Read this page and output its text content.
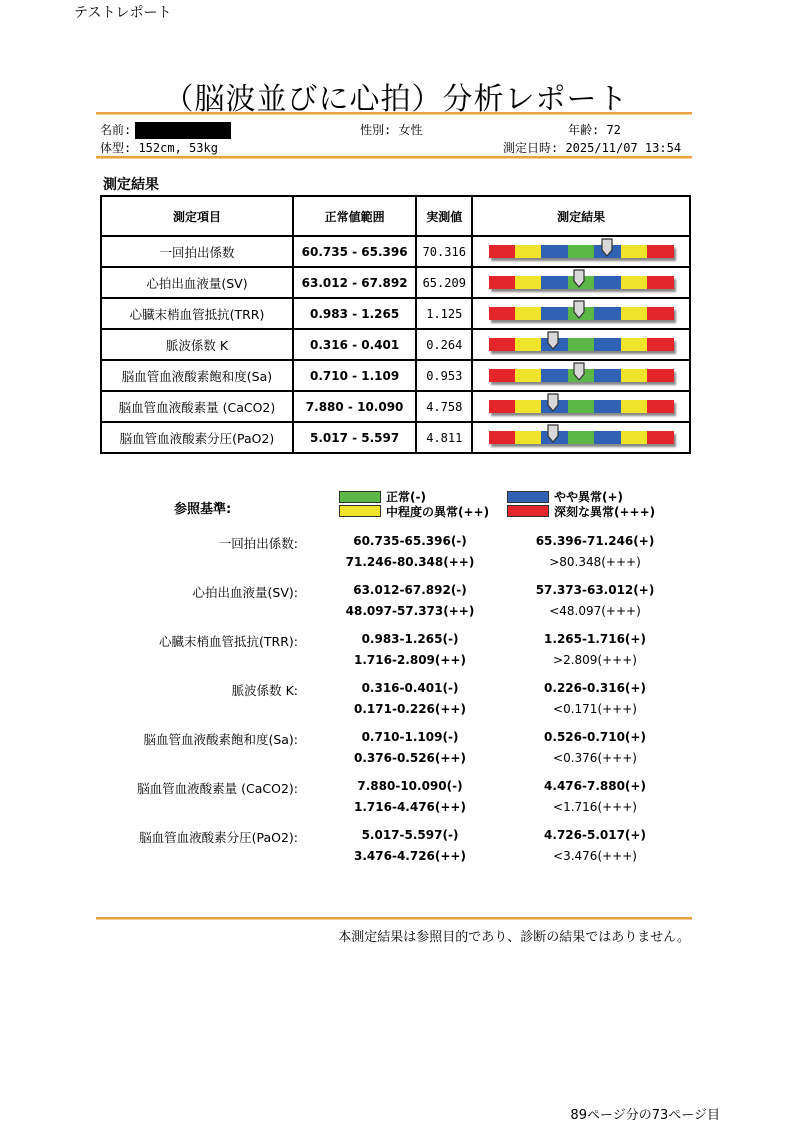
テストレポート
（脳波並びに心拍）分析レポート
名前:	性別: 女性	年齢: 72
体型: 152cm, 53kg	測定日時: 2025/11/07 13:54
測定結果
測定項目	正常値範囲	実測値	測定結果
一回拍出係数	60.735 - 65.396	70.316	

心拍出血液量(SV)	63.012 - 67.892	65.209	

心臓末梢血管抵抗(TRR)	0.983 - 1.265	1.125	

脈波係数 K	0.316 - 0.401	0.264	

脳血管血液酸素飽和度(Sa)	0.710 - 1.109	0.953	

脳血管血液酸素量 (CaCO2)	7.880 - 10.090	4.758	

脳血管血液酸素分圧(PaO2)	5.017 - 5.597	4.811	
参照基準:
正常(-)	やや異常(+)
中程度の異常(++)	深刻な異常(+++)
一回拍出係数:	60.735-65.396(-)	65.396-71.246(+)
71.246-80.348(++)	>80.348(+++)
心拍出血液量(SV):	63.012-67.892(-)	57.373-63.012(+)
48.097-57.373(++)	<48.097(+++)
心臓末梢血管抵抗(TRR):	0.983-1.265(-)	1.265-1.716(+)
1.716-2.809(++)	>2.809(+++)
脈波係数 K:	0.316-0.401(-)	0.226-0.316(+)
0.171-0.226(++)	<0.171(+++)
脳血管血液酸素飽和度(Sa):	0.710-1.109(-)	0.526-0.710(+)
0.376-0.526(++)	<0.376(+++)
脳血管血液酸素量 (CaCO2):	7.880-10.090(-)	4.476-7.880(+)
1.716-4.476(++)	<1.716(+++)
脳血管血液酸素分圧(PaO2):	5.017-5.597(-)	4.726-5.017(+)
3.476-4.726(++)	<3.476(+++)
本測定結果は参照目的であり、診断の結果ではありません。
89ページ分の73ページ目
